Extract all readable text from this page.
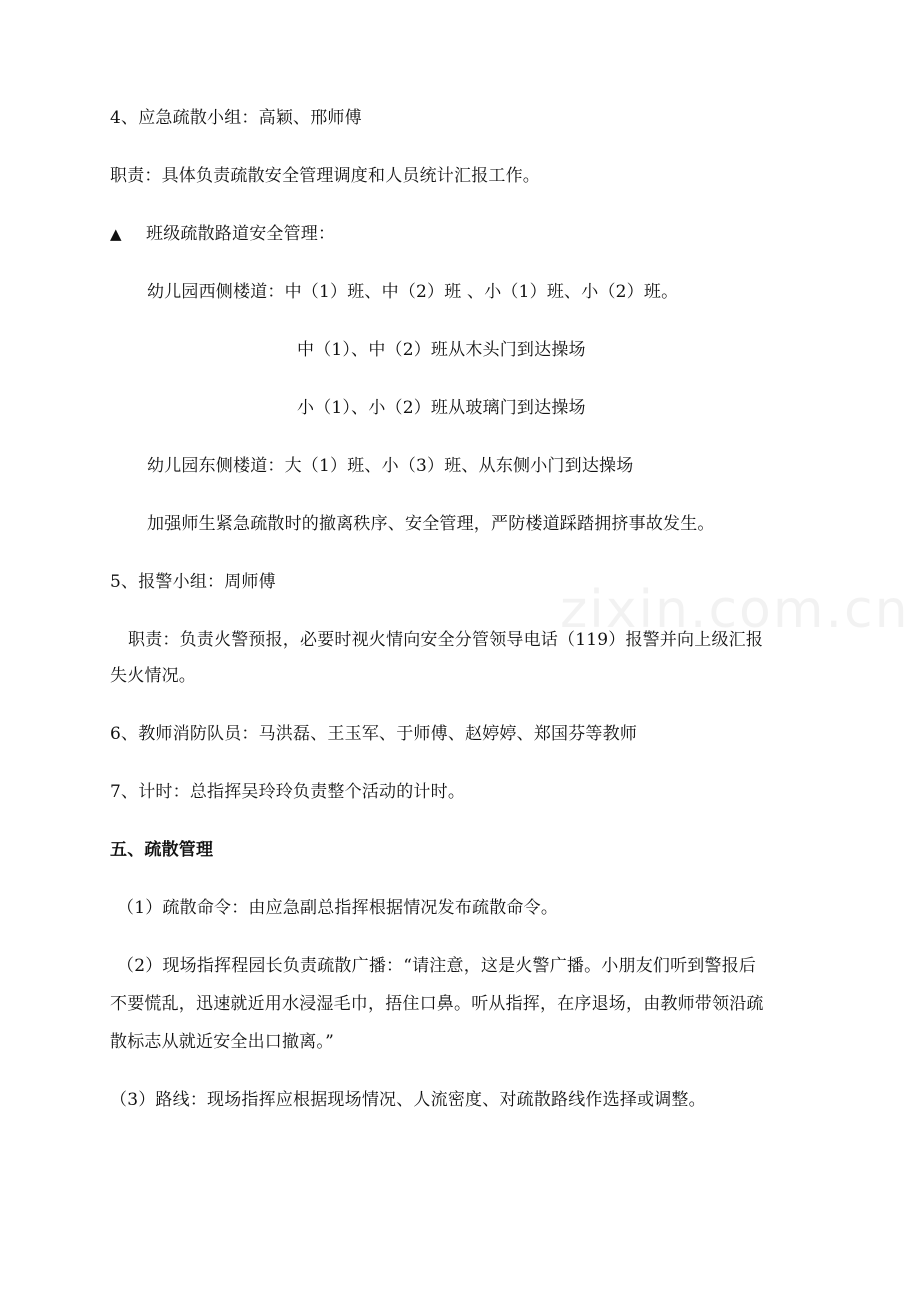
zixin.com.cn
4、应急疏散小组：高颖、邢师傅
职责：具体负责疏散安全管理调度和人员统计汇报工作。
▲ 班级疏散路道安全管理：
幼儿园西侧楼道：中（1）班、中（2）班 、小（1）班、小（2）班。
中（1）、中（2）班从木头门到达操场
小（1）、小（2）班从玻璃门到达操场
幼儿园东侧楼道：大（1）班、小（3）班、从东侧小门到达操场
加强师生紧急疏散时的撤离秩序、安全管理，严防楼道踩踏拥挤事故发生。
5、报警小组：周师傅
职责：负责火警预报，必要时视火情向安全分管领导电话（119）报警并向上级汇报
失火情况。
6、教师消防队员：马洪磊、王玉军、于师傅、赵婷婷、郑国芬等教师
7、计时：总指挥吴玲玲负责整个活动的计时。
五、疏散管理
（1）疏散命令：由应急副总指挥根据情况发布疏散命令。
（2）现场指挥程园长负责疏散广播：“请注意，这是火警广播。小朋友们听到警报后
不要慌乱，迅速就近用水浸湿毛巾，捂住口鼻。听从指挥，在序退场，由教师带领沿疏
散标志从就近安全出口撤离。”
（3）路线：现场指挥应根据现场情况、人流密度、对疏散路线作选择或调整。
